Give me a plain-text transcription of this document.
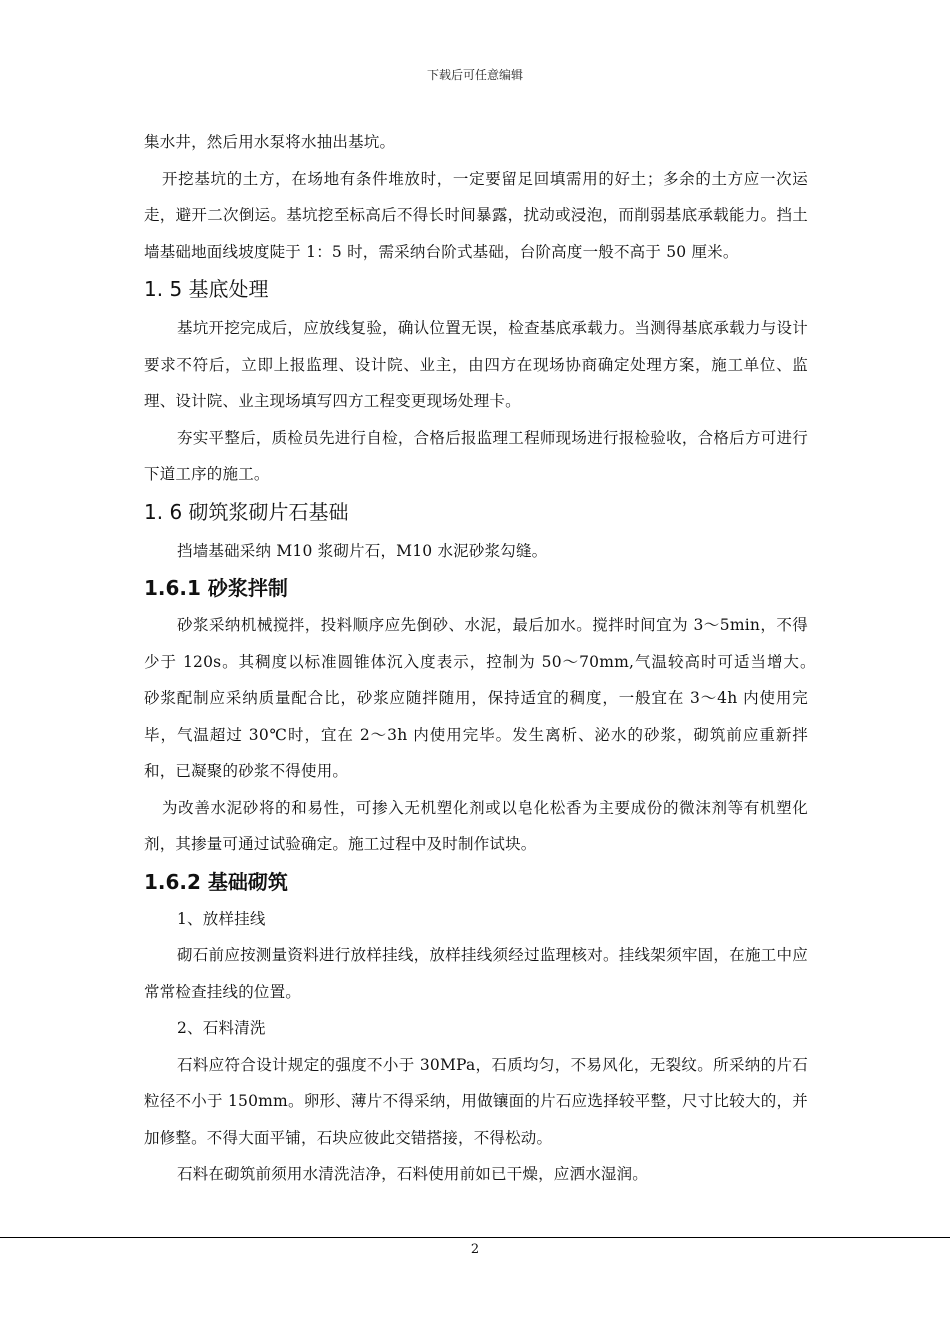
下载后可任意编辑

集水井，然后用水泵将水抽出基坑。

开挖基坑的土方，在场地有条件堆放时，一定要留足回填需用的好土；多余的土方应一次运走，避开二次倒运。基坑挖至标高后不得长时间暴露，扰动或浸泡，而削弱基底承载能力。挡土墙基础地面线坡度陡于 1：5 时，需采纳台阶式基础，台阶高度一般不高于 50 厘米。

1. 5 基底处理

基坑开挖完成后，应放线复验，确认位置无误，检查基底承载力。当测得基底承载力与设计要求不符后，立即上报监理、设计院、业主，由四方在现场协商确定处理方案，施工单位、监理、设计院、业主现场填写四方工程变更现场处理卡。

夯实平整后，质检员先进行自检，合格后报监理工程师现场进行报检验收，合格后方可进行下道工序的施工。

1. 6 砌筑浆砌片石基础

挡墙基础采纳 M10 浆砌片石，M10 水泥砂浆勾缝。

1.6.1 砂浆拌制

砂浆采纳机械搅拌，投料顺序应先倒砂、水泥，最后加水。搅拌时间宜为 3～5min，不得少于 120s。其稠度以标准圆锥体沉入度表示，控制为 50～70mm,气温较高时可适当增大。　砂浆配制应采纳质量配合比，砂浆应随拌随用，保持适宜的稠度，一般宜在 3～4h 内使用完毕，气温超过 30℃时，宜在 2～3h 内使用完毕。发生离析、泌水的砂浆，砌筑前应重新拌和，已凝聚的砂浆不得使用。

为改善水泥砂将的和易性，可掺入无机塑化剂或以皂化松香为主要成份的微沫剂等有机塑化剂，其掺量可通过试验确定。施工过程中及时制作试块。

1.6.2 基础砌筑

1、放样挂线

砌石前应按测量资料进行放样挂线，放样挂线须经过监理核对。挂线架须牢固，在施工中应常常检查挂线的位置。

2、石料清洗

石料应符合设计规定的强度不小于 30MPa，石质均匀，不易风化，无裂纹。所采纳的片石粒径不小于 150mm。卵形、薄片不得采纳，用做镶面的片石应选择较平整，尺寸比较大的，并加修整。不得大面平铺，石块应彼此交错搭接，不得松动。

石料在砌筑前须用水清洗洁净，石料使用前如已干燥，应洒水湿润。

2
